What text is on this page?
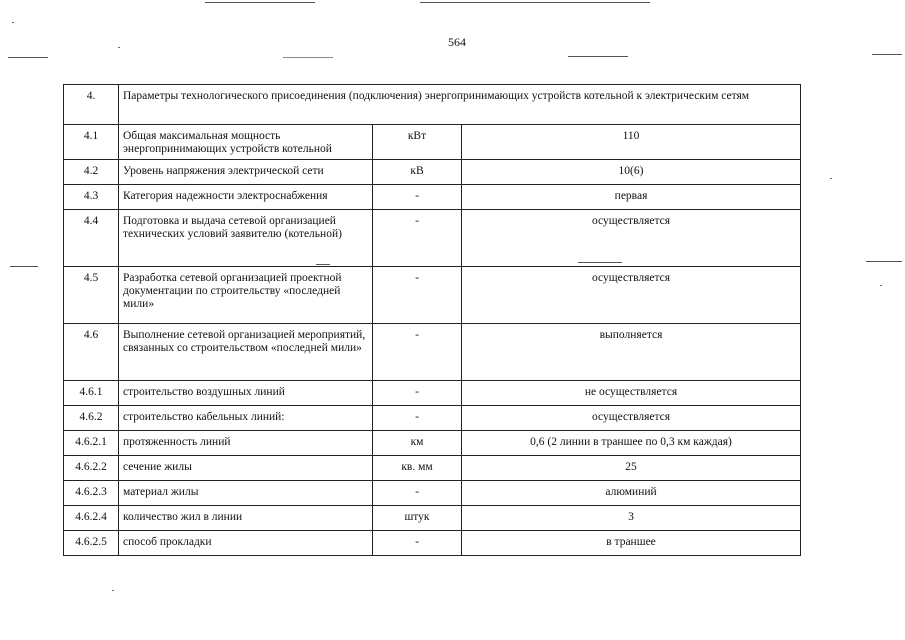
564
4.	Параметры технологического присоединения (подключения) энергопринимающих устройств котельной к электрическим сетям		
4.1	Общая максимальная мощность энергопринимающих устройств котельной	кВт	110
4.2	Уровень напряжения электрической сети	кВ	10(6)
4.3	Категория надежности электроснабжения	-	первая
4.4	Подготовка и выдача сетевой организацией технических условий заявителю (котельной)	-	осуществляется
4.5	Разработка сетевой организацией проектной документации по строительству «последней мили»	-	осуществляется
4.6	Выполнение сетевой организацией мероприятий, связанных со строительством «последней мили»	-	выполняется
4.6.1	строительство воздушных линий	-	не осуществляется
4.6.2	строительство кабельных линий:	-	осуществляется
4.6.2.1	протяженность линий	км	0,6 (2 линии в траншее по 0,3 км каждая)
4.6.2.2	сечение жилы	кв. мм	25
4.6.2.3	материал жилы	-	алюминий
4.6.2.4	количество жил в линии	штук	3
4.6.2.5	способ прокладки	-	в траншее
